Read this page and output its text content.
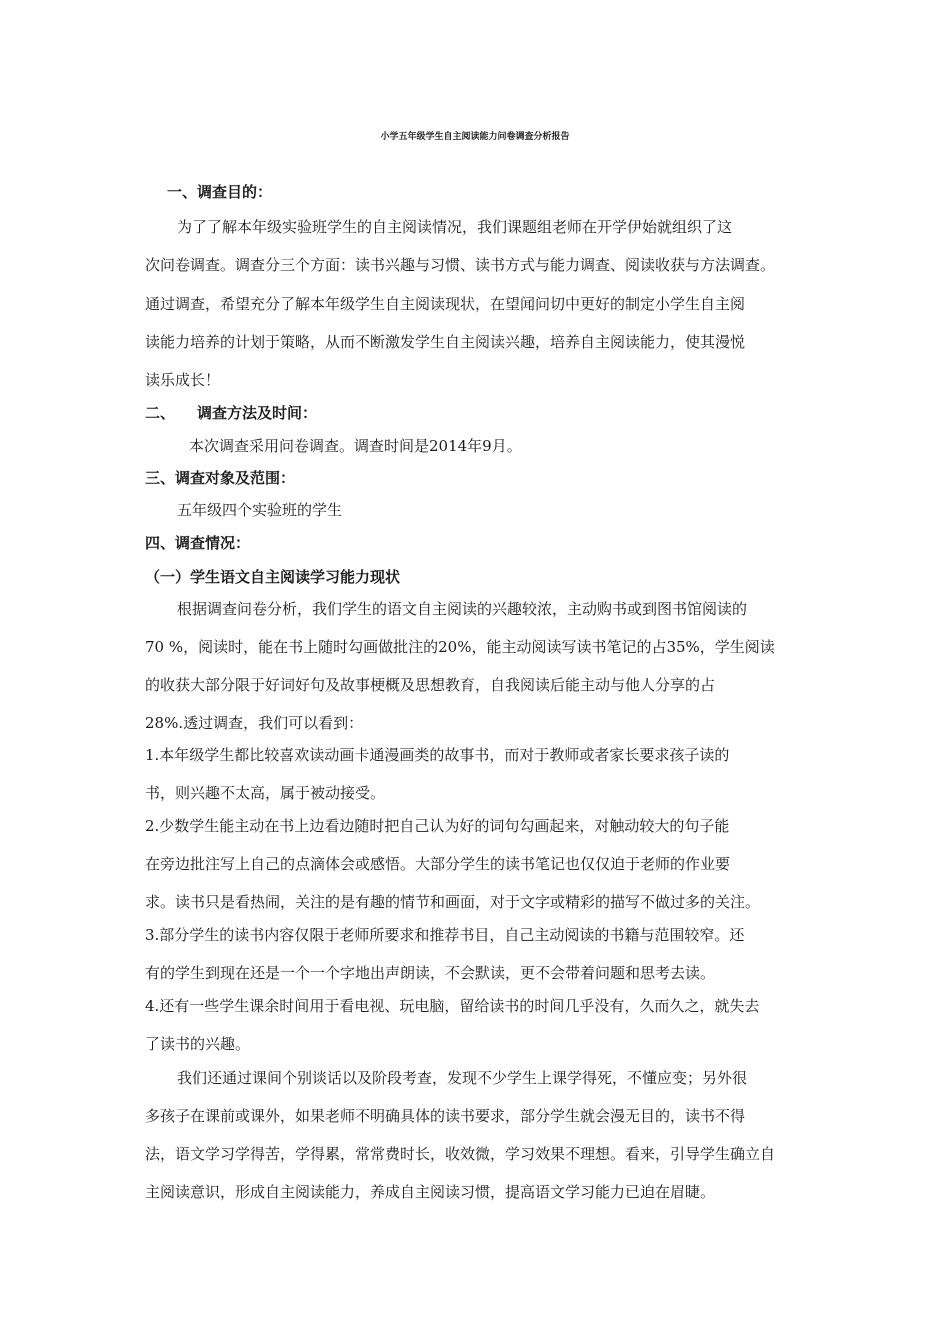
小学五年级学生自主阅读能力问卷调查分析报告
一、调查目的：
为了了解本年级实验班学生的自主阅读情况，我们课题组老师在开学伊始就组织了这
次问卷调查。调查分三个方面：读书兴趣与习惯、读书方式与能力调查、阅读收获与方法调查。
通过调查，希望充分了解本年级学生自主阅读现状，在望闻问切中更好的制定小学生自主阅
读能力培养的计划于策略，从而不断激发学生自主阅读兴趣，培养自主阅读能力，使其漫悦
读乐成长！
二、 调查方法及时间：
本次调查采用问卷调查。调查时间是2014年9月。
三、调查对象及范围：
五年级四个实验班的学生
四、调查情况：
（一）学生语文自主阅读学习能力现状
根据调查问卷分析，我们学生的语文自主阅读的兴趣较浓，主动购书或到图书馆阅读的
70 %，阅读时，能在书上随时勾画做批注的20%，能主动阅读写读书笔记的占35%，学生阅读
的收获大部分限于好词好句及故事梗概及思想教育，自我阅读后能主动与他人分享的占
28%.透过调查，我们可以看到：
1.本年级学生都比较喜欢读动画卡通漫画类的故事书，而对于教师或者家长要求孩子读的
书，则兴趣不太高，属于被动接受。
2.少数学生能主动在书上边看边随时把自己认为好的词句勾画起来，对触动较大的句子能
在旁边批注写上自己的点滴体会或感悟。大部分学生的读书笔记也仅仅迫于老师的作业要
求。读书只是看热闹，关注的是有趣的情节和画面，对于文字或精彩的描写不做过多的关注。
3.部分学生的读书内容仅限于老师所要求和推荐书目，自己主动阅读的书籍与范围较窄。还
有的学生到现在还是一个一个字地出声朗读，不会默读，更不会带着问题和思考去读。
4.还有一些学生课余时间用于看电视、玩电脑，留给读书的时间几乎没有，久而久之，就失去
了读书的兴趣。
我们还通过课间个别谈话以及阶段考查，发现不少学生上课学得死，不懂应变；另外很
多孩子在课前或课外，如果老师不明确具体的读书要求，部分学生就会漫无目的，读书不得
法，语文学习学得苦，学得累，常常费时长，收效微，学习效果不理想。看来，引导学生确立自
主阅读意识，形成自主阅读能力，养成自主阅读习惯，提高语文学习能力已迫在眉睫。
